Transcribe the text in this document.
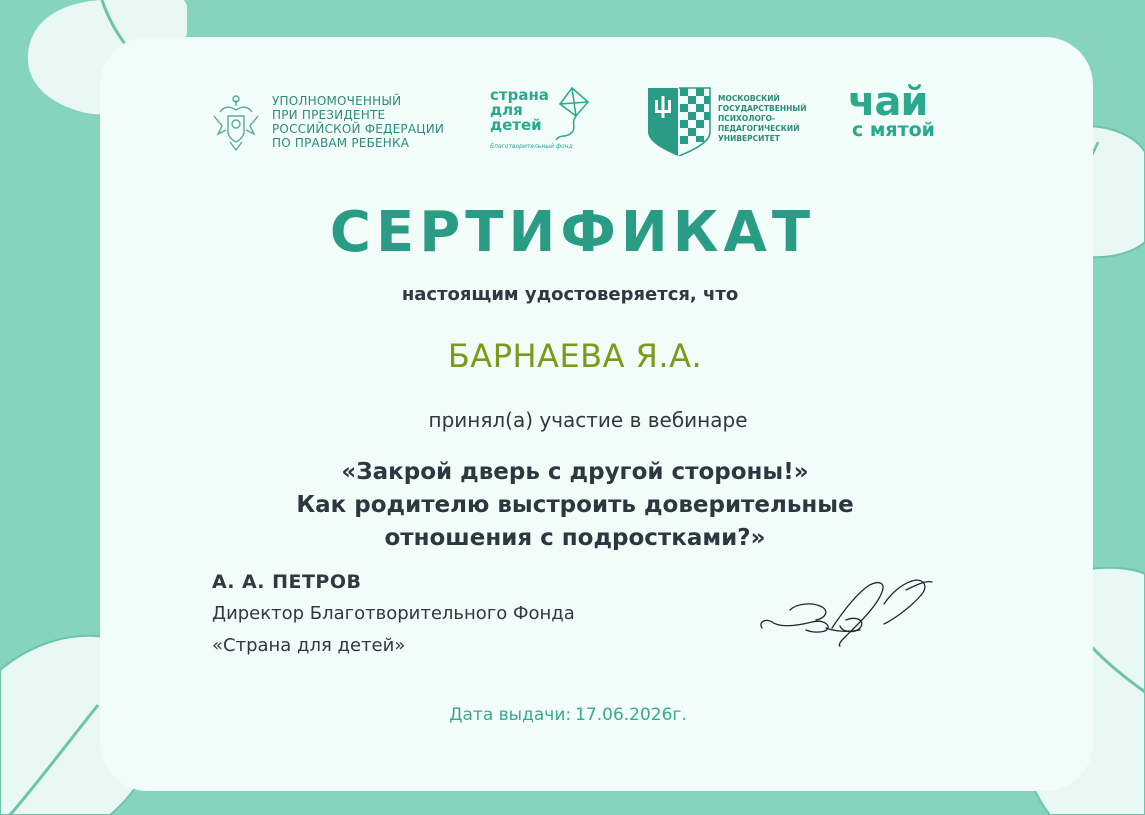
УПОЛНОМОЧЕННЫЙ
ПРИ ПРЕЗИДЕНТЕ
РОССИЙСКОЙ ФЕДЕРАЦИИ
ПО ПРАВАМ РЕБЕНКА
страна
для
детей
Благотворительный фонд
МОСКОВСКИЙ
ГОСУДАРСТВЕННЫЙ
ПСИХОЛОГО-
ПЕДАГОГИЧЕСКИЙ
УНИВЕРСИТЕТ
чай
с мятой
СЕРТИФИКАТ
настоящим удостоверяется, что
БАРНАЕВА Я.А.
принял(а) участие в вебинаре
«Закрой дверь с другой стороны!»
Как родителю выстроить доверительные
отношения с подростками?»
А. А. ПЕТРОВ
Директор Благотворительного Фонда
«Страна для детей»
Дата выдачи: 17.06.2026г.
